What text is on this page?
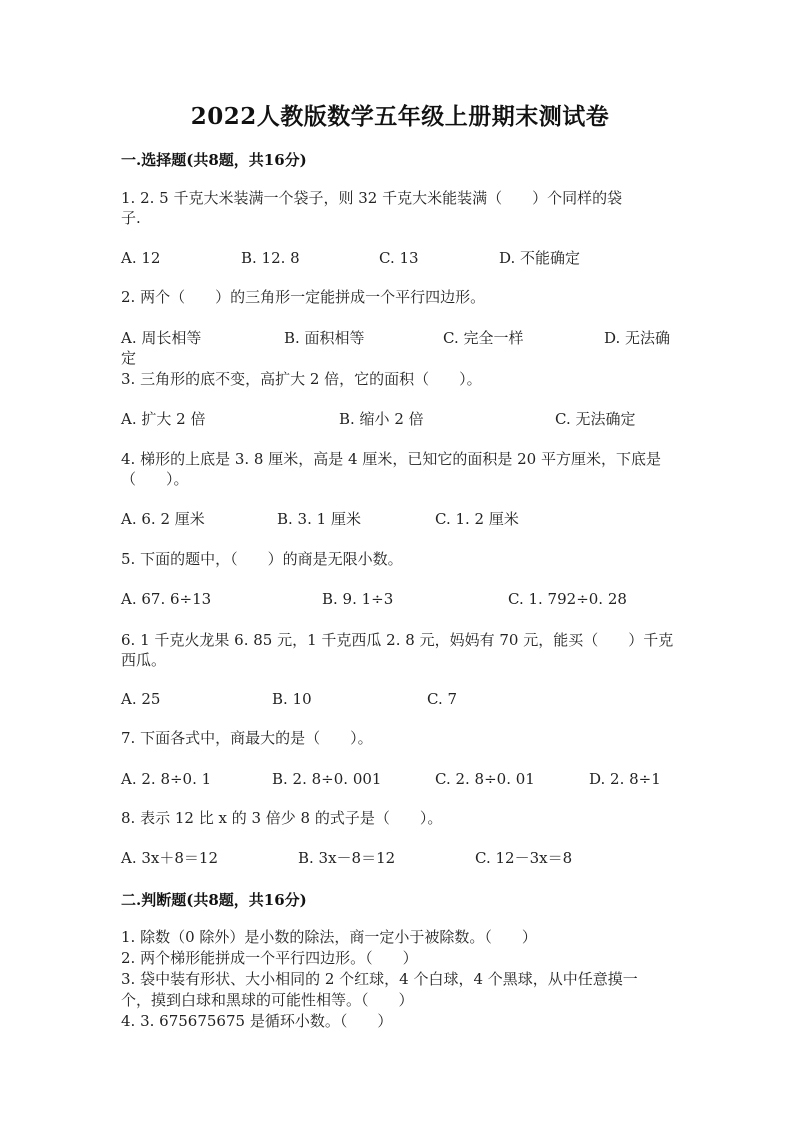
2022人教版数学五年级上册期末测试卷
一.选择题(共8题，共16分)
1. 2. 5 千克大米装满一个袋子，则 32 千克大米能装满（　　）个同样的袋
子.
A. 12	B. 12. 8	C. 13	D. 不能确定
2. 两个（　　）的三角形一定能拼成一个平行四边形。
A. 周长相等	B. 面积相等	C. 完全一样	D. 无法确
定
3. 三角形的底不变，高扩大 2 倍，它的面积（　　）。
A. 扩大 2 倍	B. 缩小 2 倍	C. 无法确定
4. 梯形的上底是 3. 8 厘米，高是 4 厘米，已知它的面积是 20 平方厘米，下底是
（　　）。
A. 6. 2 厘米	B. 3. 1 厘米	C. 1. 2 厘米
5. 下面的题中，（　　）的商是无限小数。
A. 67. 6÷13	B. 9. 1÷3	C. 1. 792÷0. 28
6. 1 千克火龙果 6. 85 元，1 千克西瓜 2. 8 元，妈妈有 70 元，能买（　　）千克
西瓜。
A. 25	B. 10	C. 7
7. 下面各式中，商最大的是（　　）。
A. 2. 8÷0. 1	B. 2. 8÷0. 001	C. 2. 8÷0. 01	D. 2. 8÷1
8. 表示 12 比 x 的 3 倍少 8 的式子是（　　）。
A. 3x＋8＝12	B. 3x－8＝12	C. 12－3x＝8
二.判断题(共8题，共16分)
1. 除数（0 除外）是小数的除法，商一定小于被除数。（　　）
2. 两个梯形能拼成一个平行四边形。（　　）
3. 袋中装有形状、大小相同的 2 个红球，4 个白球，4 个黑球，从中任意摸一
个，摸到白球和黑球的可能性相等。（　　）
4. 3. 675675675 是循环小数。（　　）
